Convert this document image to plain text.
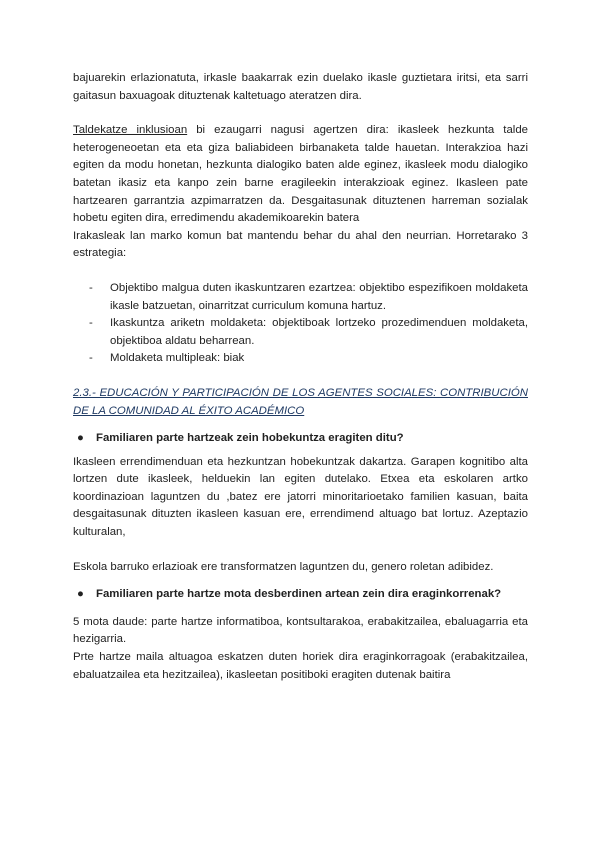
bajuarekin erlazionatuta, irkasle baakarrak ezin duelako ikasle guztietara iritsi, eta sarri gaitasun baxuagoak dituztenak kaltetuago ateratzen dira.

Taldekatze inklusioan bi ezaugarri nagusi agertzen dira: ikasleek hezkunta talde heterogeneoetan eta eta giza baliabideen birbanaketa talde hauetan. Interakzioa hazi egiten da modu honetan, hezkunta dialogiko baten alde eginez, ikasleek modu dialogiko batetan ikasiz eta kanpo zein barne eragileekin interakzioak eginez. Ikasleen pate hartzearen garrantzia azpimarratzen da. Desgaitasunak dituztenen harreman sozialak hobetu egiten dira, erredimendu akademikoarekin batera

Irakasleak lan marko komun bat mantendu behar du ahal den neurrian. Horretarako 3 estrategia:

- Objektibo malgua duten ikaskuntzaren ezartzea: objektibo espezifikoen moldaketa ikasle batzuetan, oinarritzat curriculum komuna hartuz.
- Ikaskuntza ariketn moldaketa: objektiboak lortzeko prozedimenduen moldaketa, objektiboa aldatu beharrean.
- Moldaketa multipleak: biak

2.3.- EDUCACIÓN Y PARTICIPACIÓN DE LOS AGENTES SOCIALES: CONTRIBUCIÓN DE LA COMUNIDAD AL ÉXITO ACADÉMICO

● Familiaren parte hartzeak zein hobekuntza eragiten ditu?

Ikasleen errendimenduan eta hezkuntzan hobekuntzak dakartza. Garapen kognitibo alta lortzen dute ikasleek, helduekin lan egiten dutelako. Etxea eta eskolaren artko koordinazioan laguntzen du ,batez ere jatorri minoritarioetako familien kasuan, baita desgaitasunak dituzten ikasleen kasuan ere, errendimend altuago bat lortuz. Azeptazio kulturalan,

Eskola barruko erlazioak ere transformatzen laguntzen du, genero roletan adibidez.

● Familiaren parte hartze mota desberdinen artean zein dira eraginkorrenak?

5 mota daude: parte hartze informatiboa, kontsultarakoa, erabakitzailea, ebaluagarria eta hezigarria.

Prte hartze maila altuagoa eskatzen duten horiek dira eraginkorragoak (erabakitzailea, ebaluatzailea eta hezitzailea), ikasleetan positiboki eragiten dutenak baitira
